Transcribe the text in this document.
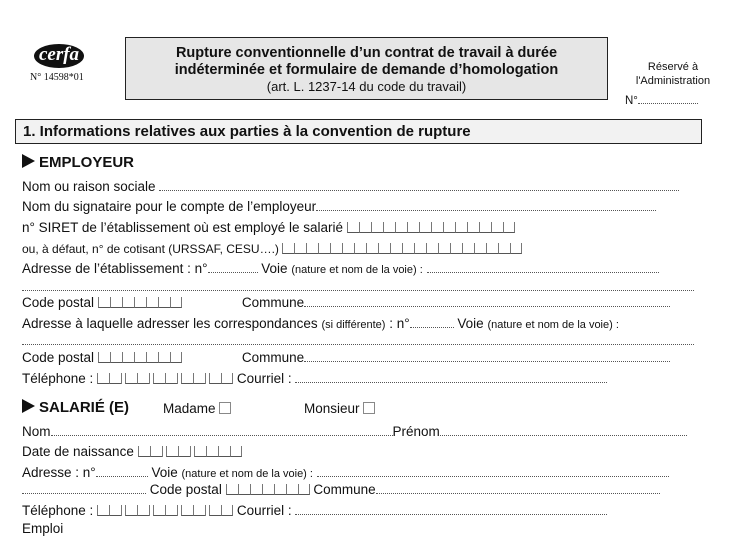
cerfa
N° 14598*01
Rupture conventionnelle d’un contrat de travail à durée
indéterminée et formulaire de demande d’homologation
(art. L. 1237-14 du code du travail)
Réservé à
l'Administration
N°
1. Informations relatives aux parties à la convention de rupture
EMPLOYEUR
Nom ou raison sociale
Nom du signataire pour le compte de l’employeur
n° SIRET de l’établissement où est employé le salarié
ou, à défaut, n° de cotisant (URSSAF, CESU….)
Adresse de l’établissement : n°	Voie (nature et nom de la voie) :
Code postal	Commune
Adresse à laquelle adresser les correspondances (si différente) : n°	Voie (nature et nom de la voie) :
Code postal	Commune
Téléphone :	Courriel :
SALARIÉ (E)	Madame	Monsieur
Nom	Prénom
Date de naissance
Adresse : n°	Voie (nature et nom de la voie) :
Code postal	Commune
Téléphone :	Courriel :
Emploi
